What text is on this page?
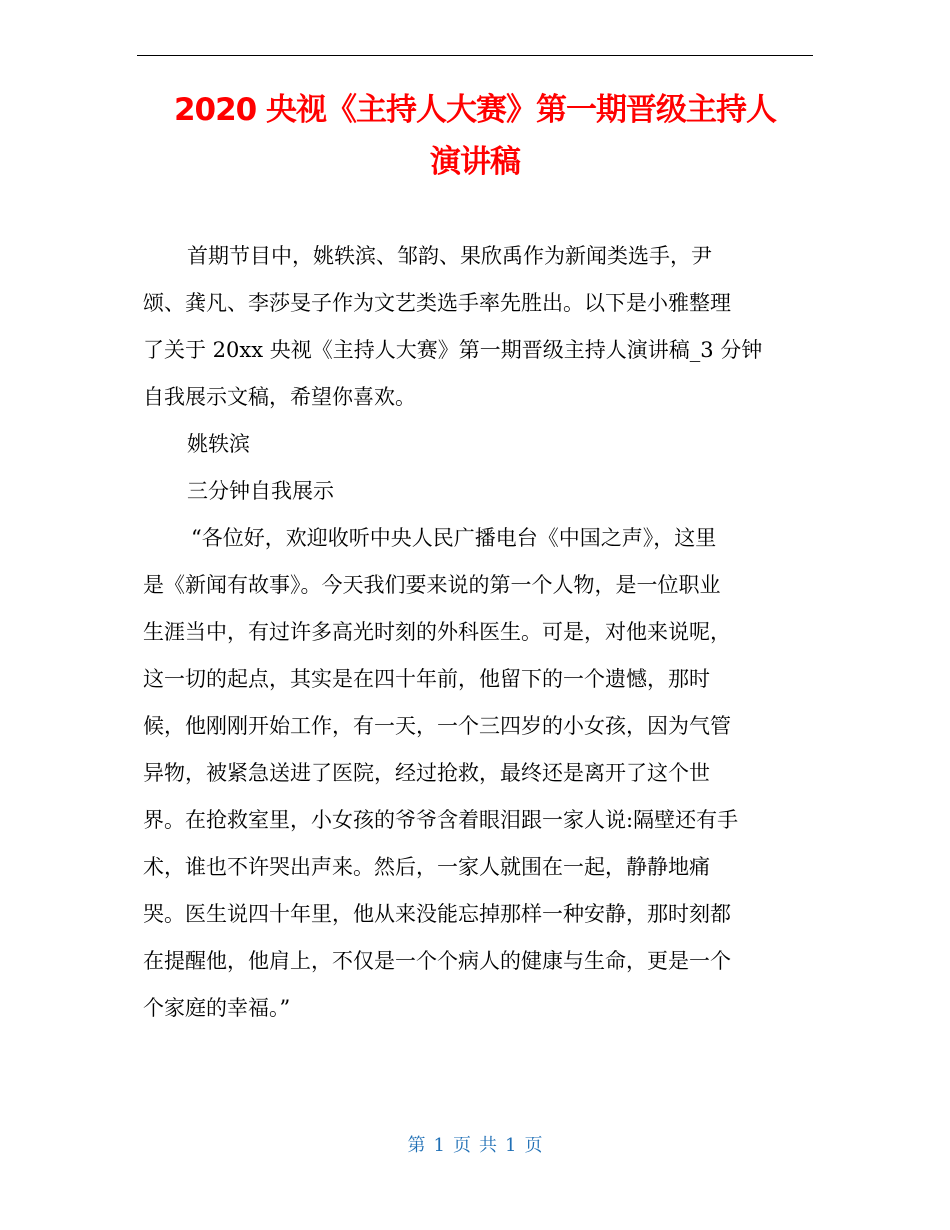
2020 央视《主持人大赛》第一期晋级主持人
演讲稿
首期节目中，姚轶滨、邹韵、果欣禹作为新闻类选手，尹
颂、龚凡、李莎旻子作为文艺类选手率先胜出。以下是小雅整理
了关于 20xx 央视《主持人大赛》第一期晋级主持人演讲稿_3 分钟
自我展示文稿，希望你喜欢。
姚轶滨
三分钟自我展示
“各位好，欢迎收听中央人民广播电台《中国之声》，这里
是《新闻有故事》。今天我们要来说的第一个人物，是一位职业
生涯当中，有过许多高光时刻的外科医生。可是，对他来说呢，
这一切的起点，其实是在四十年前，他留下的一个遗憾，那时
候，他刚刚开始工作，有一天，一个三四岁的小女孩，因为气管
异物，被紧急送进了医院，经过抢救，最终还是离开了这个世
界。在抢救室里，小女孩的爷爷含着眼泪跟一家人说:隔壁还有手
术，谁也不许哭出声来。然后，一家人就围在一起，静静地痛
哭。医生说四十年里，他从来没能忘掉那样一种安静，那时刻都
在提醒他，他肩上，不仅是一个个病人的健康与生命，更是一个
个家庭的幸福。”
第 1 页 共 1 页
